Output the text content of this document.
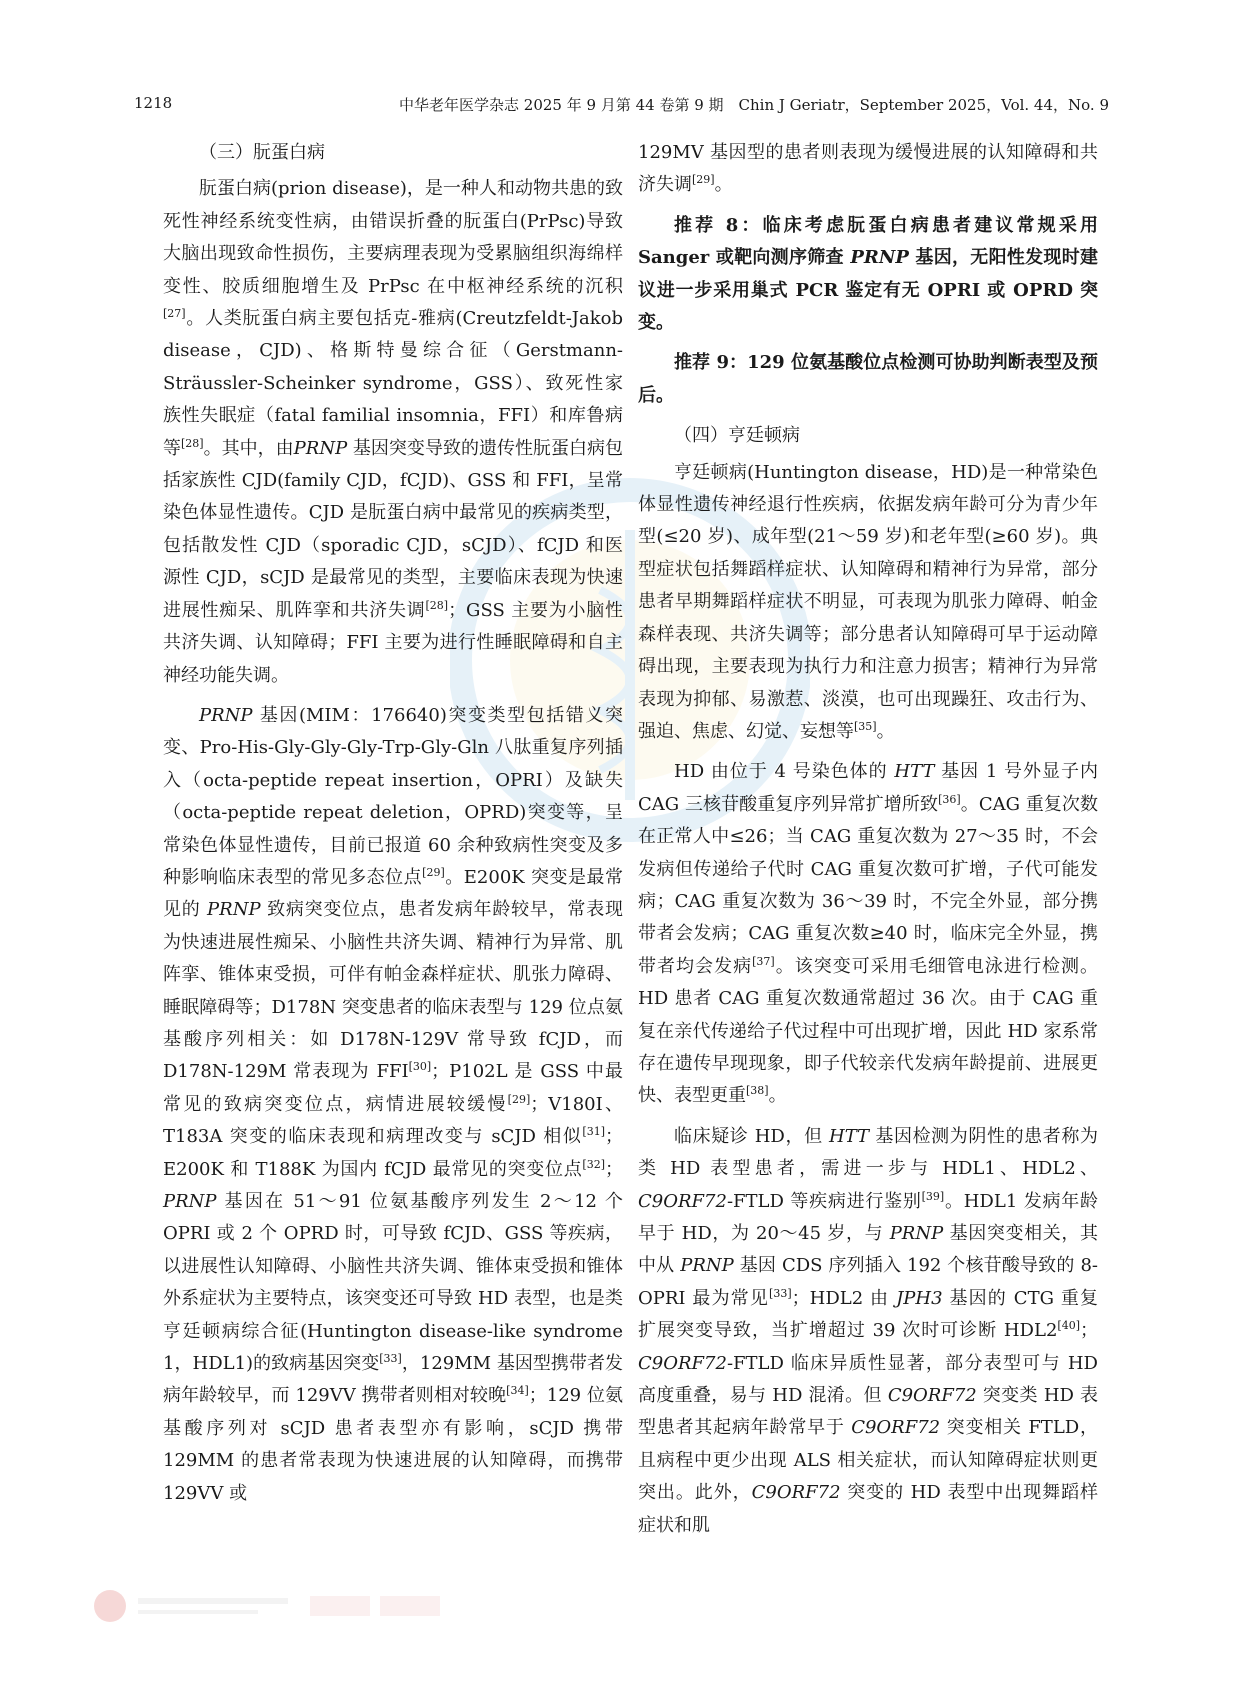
1218	中华老年医学杂志 2025 年 9 月第 44 卷第 9 期　Chin J Geriatr，September 2025，Vol. 44，No. 9

（三）朊蛋白病

朊蛋白病(prion disease)，是一种人和动物共患的致死性神经系统变性病，由错误折叠的朊蛋白(PrPsc)导致大脑出现致命性损伤，主要病理表现为受累脑组织海绵样变性、胶质细胞增生及 PrPsc 在中枢神经系统的沉积[27]。人类朊蛋白病主要包括克-雅病(Creutzfeldt-Jakob disease，CJD)、格斯特曼综合征（Gerstmann-Sträussler-Scheinker syndrome，GSS）、致死性家族性失眠症（fatal familial insomnia，FFI）和库鲁病等[28]。其中，由PRNP 基因突变导致的遗传性朊蛋白病包括家族性 CJD(family CJD，fCJD)、GSS 和 FFI，呈常染色体显性遗传。CJD 是朊蛋白病中最常见的疾病类型，包括散发性 CJD（sporadic CJD，sCJD）、fCJD 和医源性 CJD，sCJD 是最常见的类型，主要临床表现为快速进展性痴呆、肌阵挛和共济失调[28]；GSS 主要为小脑性共济失调、认知障碍；FFI 主要为进行性睡眠障碍和自主神经功能失调。

PRNP 基因(MIM：176640)突变类型包括错义突变、Pro-His-Gly-Gly-Gly-Trp-Gly-Gln 八肽重复序列插入（octa-peptide repeat insertion，OPRI）及缺失（octa-peptide repeat deletion，OPRD)突变等，呈常染色体显性遗传，目前已报道 60 余种致病性突变及多种影响临床表型的常见多态位点[29]。E200K 突变是最常见的 PRNP 致病突变位点，患者发病年龄较早，常表现为快速进展性痴呆、小脑性共济失调、精神行为异常、肌阵挛、锥体束受损，可伴有帕金森样症状、肌张力障碍、睡眠障碍等；D178N 突变患者的临床表型与 129 位点氨基酸序列相关：如 D178N-129V 常导致 fCJD，而 D178N-129M 常表现为 FFI[30]；P102L 是 GSS 中最常见的致病突变位点，病情进展较缓慢[29]；V180I、T183A 突变的临床表现和病理改变与 sCJD 相似[31]；E200K 和 T188K 为国内 fCJD 最常见的突变位点[32]；PRNP 基因在 51～91 位氨基酸序列发生 2～12 个 OPRI 或 2 个 OPRD 时，可导致 fCJD、GSS 等疾病，以进展性认知障碍、小脑性共济失调、锥体束受损和锥体外系症状为主要特点，该突变还可导致 HD 表型，也是类亨廷顿病综合征(Huntington disease-like syndrome 1，HDL1)的致病基因突变[33]，129MM 基因型携带者发病年龄较早，而 129VV 携带者则相对较晚[34]；129 位氨基酸序列对 sCJD 患者表型亦有影响，sCJD 携带 129MM 的患者常表现为快速进展的认知障碍，而携带 129VV 或

129MV 基因型的患者则表现为缓慢进展的认知障碍和共济失调[29]。

推荐 8：临床考虑朊蛋白病患者建议常规采用 Sanger 或靶向测序筛查 PRNP 基因，无阳性发现时建议进一步采用巢式 PCR 鉴定有无 OPRI 或 OPRD 突变。

推荐 9：129 位氨基酸位点检测可协助判断表型及预后。

（四）亨廷顿病

亨廷顿病(Huntington disease，HD)是一种常染色体显性遗传神经退行性疾病，依据发病年龄可分为青少年型(≤20 岁)、成年型(21～59 岁)和老年型(≥60 岁)。典型症状包括舞蹈样症状、认知障碍和精神行为异常，部分患者早期舞蹈样症状不明显，可表现为肌张力障碍、帕金森样表现、共济失调等；部分患者认知障碍可早于运动障碍出现，主要表现为执行力和注意力损害；精神行为异常表现为抑郁、易激惹、淡漠，也可出现躁狂、攻击行为、强迫、焦虑、幻觉、妄想等[35]。

HD 由位于 4 号染色体的 HTT 基因 1 号外显子内 CAG 三核苷酸重复序列异常扩增所致[36]。CAG 重复次数在正常人中≤26；当 CAG 重复次数为 27～35 时，不会发病但传递给子代时 CAG 重复次数可扩增，子代可能发病；CAG 重复次数为 36～39 时，不完全外显，部分携带者会发病；CAG 重复次数≥40 时，临床完全外显，携带者均会发病[37]。该突变可采用毛细管电泳进行检测。HD 患者 CAG 重复次数通常超过 36 次。由于 CAG 重复在亲代传递给子代过程中可出现扩增，因此 HD 家系常存在遗传早现现象，即子代较亲代发病年龄提前、进展更快、表型更重[38]。

临床疑诊 HD，但 HTT 基因检测为阴性的患者称为类 HD 表型患者，需进一步与 HDL1、HDL2、C9ORF72-FTLD 等疾病进行鉴别[39]。HDL1 发病年龄早于 HD，为 20～45 岁，与 PRNP 基因突变相关，其中从 PRNP 基因 CDS 序列插入 192 个核苷酸导致的 8-OPRI 最为常见[33]；HDL2 由 JPH3 基因的 CTG 重复扩展突变导致，当扩增超过 39 次时可诊断 HDL2[40]；C9ORF72-FTLD 临床异质性显著，部分表型可与 HD 高度重叠，易与 HD 混淆。但 C9ORF72 突变类 HD 表型患者其起病年龄常早于 C9ORF72 突变相关 FTLD，且病程中更少出现 ALS 相关症状，而认知障碍症状则更突出。此外，C9ORF72 突变的 HD 表型中出现舞蹈样症状和肌
